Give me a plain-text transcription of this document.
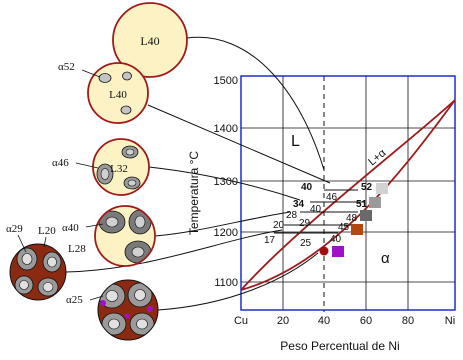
1500
1400
1300
1200
1100
Cu	20	40	60	80	Ni
Peso Percentual de Ni
Temperatura °C
L
L+α
α
40	52
34	51
28	48
20	45
17 25 40
46
40
29
L40
L40
α52
L32
α46
α40
L28
α29 L20
α25
